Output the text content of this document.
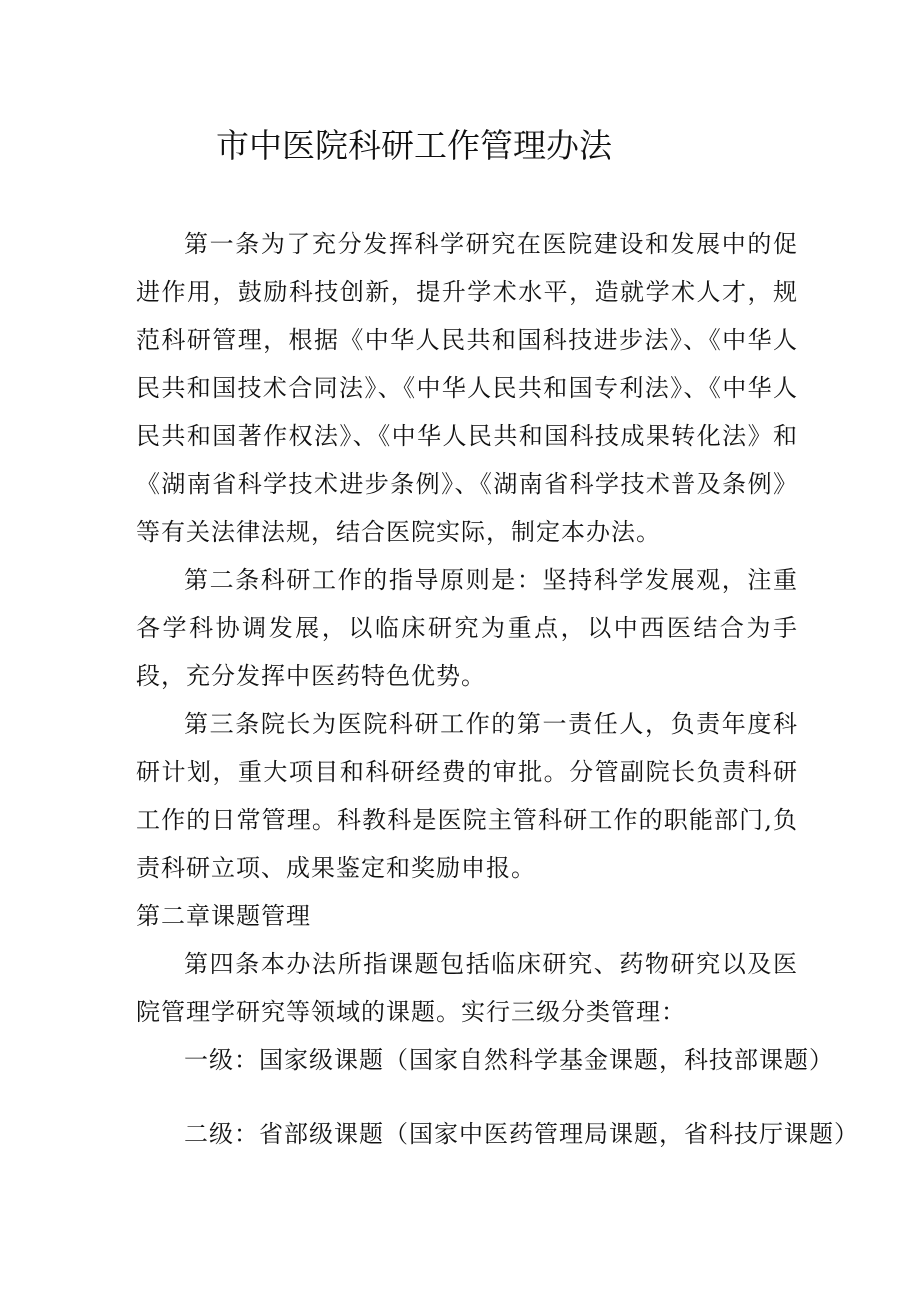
市中医院科研工作管理办法

第一条为了充分发挥科学研究在医院建设和发展中的促进作用，鼓励科技创新，提升学术水平，造就学术人才，规范科研管理，根据《中华人民共和国科技进步法》、《中华人民共和国技术合同法》、《中华人民共和国专利法》、《中华人民共和国著作权法》、《中华人民共和国科技成果转化法》和《湖南省科学技术进步条例》、《湖南省科学技术普及条例》等有关法律法规，结合医院实际，制定本办法。

第二条科研工作的指导原则是：坚持科学发展观，注重各学科协调发展，以临床研究为重点，以中西医结合为手段，充分发挥中医药特色优势。

第三条院长为医院科研工作的第一责任人，负责年度科研计划，重大项目和科研经费的审批。分管副院长负责科研工作的日常管理。科教科是医院主管科研工作的职能部门,负责科研立项、成果鉴定和奖励申报。

第二章课题管理

第四条本办法所指课题包括临床研究、药物研究以及医院管理学研究等领域的课题。实行三级分类管理：

一级：国家级课题（国家自然科学基金课题，科技部课题）

二级：省部级课题（国家中医药管理局课题，省科技厅课题）
